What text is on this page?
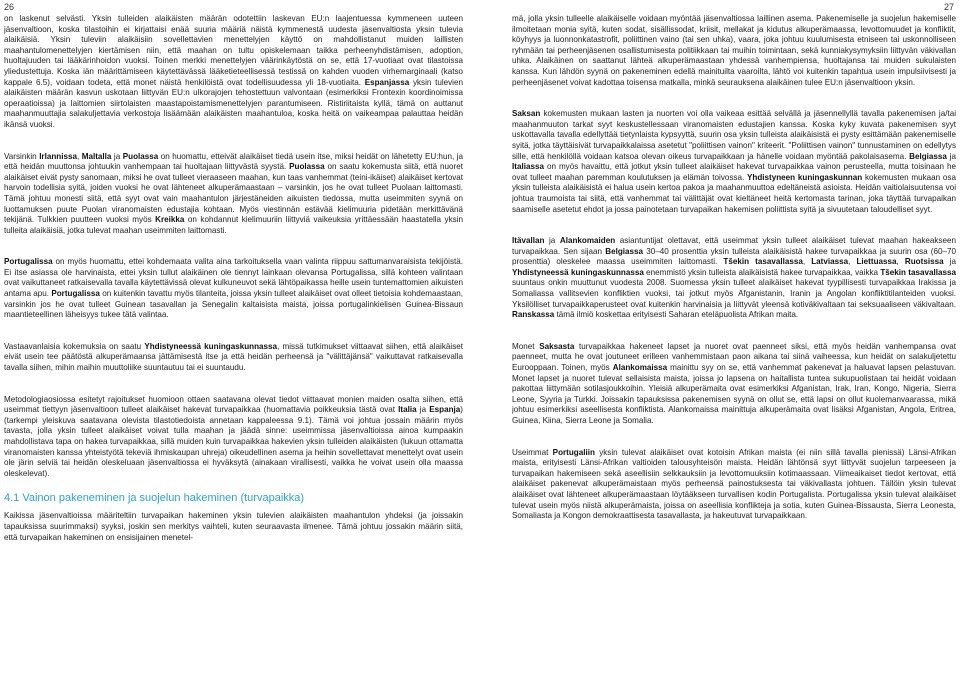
26	27

on laskenut selvästi. Yksin tulleiden alaikäisten määrän odotettiin laskevan EU:n laajentuessa kymmeneen uuteen jäsenvaltioon, koska tilastoihin ei kirjattaisi enää suuria määriä näistä kymmenestä uudesta jäsenvaltiosta yksin tulevia alaikäisiä. Yksin tuleviin alaikäisiin sovellettavien menettelyjen käyttö on mahdollistanut muiden laillisten maahantulomenettelyjen kiertämisen niin, että maahan on tultu opiskelemaan taikka perheenyhdistämisen, adoption, huoltajuuden tai lääkärinhoidon vuoksi. Toinen merkki menettelyjen väärinkäytöstä on se, että 17-vuotiaat ovat tilastoissa yliedustettuja. Koska iän määrittämiseen käytettävässä lääketieteellisessä testissä on kahden vuoden virhemarginaali (katso kappale 6.5), voidaan todeta, että monet näistä henkilöistä ovat todellisuudessa yli 18-vuotiaita. Espanjassa yksin tulevien alaikäisten määrän kasvun uskotaan liittyvän EU:n ulkorajojen tehostettuun valvontaan (esimerkiksi Frontexin koordinoimissa operaatioissa) ja laittomien siirtolaisten maastapoistamismenettelyjen parantumiseen. Ristiriitaista kyllä, tämä on auttanut maahanmuuttajia salakuljettavia verkostoja lisäämään alaikäisten maahantuloa, koska heitä on vaikeampaa palauttaa heidän ikänsä vuoksi.

Varsinkin Irlannissa, Maltalla ja Puolassa on huomattu, etteivät alaikäiset tiedä usein itse, miksi heidät on lähetetty EU:hun, ja että heidän muuttonsa johtuukin vanhempaan tai huoltajaan liittyvästä syystä. Puolassa on saatu kokemusta siitä, että nuoret alaikäiset eivät pysty sanomaan, miksi he ovat tulleet vieraaseen maahan, kun taas vanhemmat (teini-ikäiset) alaikäiset kertovat harvoin todellisia syitä, joiden vuoksi he ovat lähteneet alkuperämaastaan – varsinkin, jos he ovat tulleet Puolaan laittomasti. Tämä johtuu monesti siitä, että syyt ovat vain maahantulon järjestäneiden aikuisten tiedossa, mutta useimmiten syynä on luottamuksen puute Puolan viranomaisten edustajia kohtaan. Myös viestinnän estävää kielimuuria pidetään merkittävänä tekijänä. Tulkkien puutteen vuoksi myös Kreikka on kohdannut kielimuuriin liittyviä vaikeuksia yrittäessään haastatella yksin tulleita alaikäisiä, jotka tulevat maahan useimmiten laittomasti.

Portugalissa on myös huomattu, ettei kohdemaata valita aina tarkoituksella vaan valinta riippuu sattumanvaraisista tekijöistä. Ei itse asiassa ole harvinaista, ettei yksin tullut alaikäinen ole tiennyt lainkaan olevansa Portugalissa, sillä kohteen valintaan ovat vaikuttaneet ratkaisevalla tavalla käytettävissä olevat kulkuneuvot sekä lähtöpaikassa heille usein tuntemattomien aikuisten antama apu. Portugalissa on kuitenkin tavattu myös tilanteita, joissa yksin tulleet alaikäiset ovat olleet tietoisia kohdemaastaan, varsinkin jos he ovat tulleet Guinean tasavallan ja Senegalin kaltaisista maista, joissa portugalinkielisen Guinea-Bissaun maantieteellinen läheisyys tukee tätä valintaa.

Vastaavanlaisia kokemuksia on saatu Yhdistyneessä kuningaskunnassa, missä tutkimukset viittaavat siihen, että alaikäiset eivät usein tee päätöstä alkuperämaansa jättämisestä itse ja että heidän perheensä ja "välittäjänsä" vaikuttavat ratkaisevalla tavalla siihen, mihin maihin muuttoliike suuntautuu tai ei suuntaudu.

Metodologiaosiossa esitetyt rajoitukset huomioon ottaen saatavana olevat tiedot viittaavat monien maiden osalta siihen, että useimmat tiettyyn jäsenvaltioon tulleet alaikäiset hakevat turvapaikkaa (huomattavia poikkeuksia tästä ovat Italia ja Espanja) (tarkempi yleiskuva saatavana olevista tilastotiedoista annetaan kappaleessa 9.1). Tämä voi johtua jossain määrin myös tavasta, jolla yksin tulleet alaikäiset voivat tulla maahan ja jäädä sinne: useimmissa jäsenvaltioissa ainoa kumpaakin mahdollistava tapa on hakea turvapaikkaa, sillä muiden kuin turvapaikkaa hakevien yksin tulleiden alaikäisten (lukuun ottamatta viranomaisten kanssa yhteistyötä tekeviä ihmiskaupan uhreja) oikeudellinen asema ja heihin sovellettavat menettelyt ovat usein ole järin selviä tai heidän oleskeluaan jäsenvaltiossa ei hyväksytä (ainakaan virallisesti, vaikka he voivat usein olla maassa oleskelevat).

4.1 Vainon pakeneminen ja suojelun hakeminen (turvapaikka)

Kaikissa jäsenvaltioissa määriteltiin turvapaikan hakeminen yksin tulevien alaikäisten maahantulon yhdeksi (ja joissakin tapauksissa suurimmaksi) syyksi, joskin sen merkitys vaihteli, kuten seuraavasta ilmenee. Tämä johtuu jossakin määrin siitä, että turvapaikan hakeminen on ensisijainen menetel-

mä, jolla yksin tulleelle alaikäiselle voidaan myöntää jäsenvaltiossa laillinen asema. Pakenemiselle ja suojelun hakemiselle ilmoitetaan monia syitä, kuten sodat, sisällissodat, kriisit, mellakat ja kidutus alkuperämaassa, levottomuudet ja konfliktit, köyhyys ja luonnonkatastrofit, poliittinen vaino (tai sen uhka), vaara, joka johtuu kuulumisesta etniseen tai uskonnolliseen ryhmään tai perheenjäsenen osallistumisesta politiikkaan tai muihin toimintaan, sekä kunniakysymyksiin liittyvän väkivallan uhka. Alaikäinen on saattanut lähteä alkuperämaastaan yhdessä vanhempiensa, huoltajansa tai muiden sukulaisten kanssa. Kun lähdön syynä on pakeneminen edellä mainituilta vaaroilta, lähtö voi kuitenkin tapahtua usein impulsiivisesti ja perheenjäsenet voivat kadottaa toisensa matkalla, minkä seurauksena alaikäinen tulee EU:n jäsenvaltioon yksin.

Saksan kokemusten mukaan lasten ja nuorten voi olla vaikeaa esittää selvällä ja jäsennellyllä tavalla pakenemisen ja/tai maahanmuuton tarkat syyt keskustellessaan viranomaisten edustajien kanssa. Koska kyky kuvata pakenemisen syyt uskottavalla tavalla edellyttää tietynlaista kypsyyttä, suurin osa yksin tulleista alaikäisistä ei pysty esittämään pakenemiselle syitä, jotka täyttäisivät turvapaikkalaissa asetetut "poliittisen vainon" kriteerit. "Poliittisen vainon" tunnustaminen on edellytys sille, että henkilöllä voidaan katsoa olevan oikeus turvapaikkaan ja hänelle voidaan myöntää pakolaisasema. Belgiassa ja Italiassa on myös havaittu, että jotkut yksin tulleet alaikäiset hakevat turvapaikkaa vainon perusteella, mutta toisinaan he ovat tulleet maahan paremman koulutuksen ja elämän toivossa. Yhdistyneen kuningaskunnan kokemusten mukaan osa yksin tulleista alaikäisistä ei halua usein kertoa pakoa ja maahanmuuttoa edeltäneistä asioista. Heidän vaitiolaisuutensa voi johtua traumoista tai siitä, että vanhemmat tai välittäjät ovat kieltäneet heitä kertomasta tarinan, joka täyttää turvapaikan saamiselle asetetut ehdot ja jossa painotetaan turvapaikan hakemisen poliittista syitä ja sivuutetaan taloudelliset syyt.

Itävallan ja Alankomaiden asiantuntijat olettavat, että useimmat yksin tulleet alaikäiset tulevat maahan hakeakseen turvapaikkaa. Sen sijaan Belgiassa 30–40 prosenttia yksin tulleista alaikäisistä hakee turvapaikkaa ja suurin osa (60–70 prosenttia) oleskelee maassa useimmiten laittomasti. Tšekin tasavallassa, Latviassa, Liettuassa, Ruotsissa ja Yhdistyneessä kuningaskunnassa enemmistö yksin tulleista alaikäisistä hakee turvapaikkaa, vaikka Tšekin tasavallassa suuntaus onkin muuttunut vuodesta 2008. Suomessa yksin tulleet alaikäiset hakevat tyypillisesti turvapaikkaa Irakissa ja Somaliassa vallitsevien konfliktien vuoksi, tai jotkut myös Afganistanin, Iranin ja Angolan konfliktitilanteiden vuoksi. Yksilölliset turvapaikkaperusteet ovat kuitenkin harvinaisia ja liittyvät yleensä kotiväkivaltaan tai seksuaaliseen väkivaltaan. Ranskassa tämä ilmiö koskettaa erityisesti Saharan eteläpuolista Afrikan maita.

Monet Saksasta turvapaikkaa hakeneet lapset ja nuoret ovat paenneet siksi, että myös heidän vanhempansa ovat paenneet, mutta he ovat joutuneet erilleen vanhemmistaan paon aikana tai siinä vaiheessa, kun heidät on salakuljetettu Eurooppaan. Toinen, myös Alankomaissa mainittu syy on se, että vanhemmat pakenevat ja haluavat lapsen pelastuvan. Monet lapset ja nuoret tulevat sellaisista maista, joissa jo lapsena on haitallista tuntea sukupuolistaan tai heidät voidaan pakottaa liittymään sotilasjoukkoihin. Yleisiä alkuperämaita ovat esimerkiksi Afganistan, Irak, Iran, Kongo, Nigeria, Sierra Leone, Syyria ja Turkki. Joissakin tapauksissa pakenemisen syynä on ollut se, että lapsi on ollut kuolemanvaarassa, mikä johtuu esimerkiksi aseellisesta konfliktista. Alankomaissa mainittuja alkuperämaita ovat lisäksi Afganistan, Angola, Eritrea, Guinea, Kiina, Sierra Leone ja Somalia.

Useimmat Portugaliin yksin tulevat alaikäiset ovat kotoisin Afrikan maista (ei niin sillä tavalla pienissä) Länsi-Afrikan maista, erityisesti Länsi-Afrikan valtioiden talousyhteisön maista. Heidän lähtönsä syyt liittyvät suojelun tarpeeseen ja turvapaikan hakemiseen sekä aseellisiin selkkauksiin ja levottomuuksiin kotimaassaan. Viimeaikaiset tiedot kertovat, että alaikäiset pakenevat alkuperämaistaan myös perheensä painostuksesta tai väkivallasta johtuen. Tällöin yksin tulevat alaikäiset ovat lähteneet alkuperämaastaan löytääkseen turvallisen kodin Portugalista. Portugalissa yksin tulevat alaikäiset tulevat usein myös niistä alkuperämaista, joissa on aseellisia konflikteja ja sotia, kuten Guinea-Bissausta, Sierra Leonesta, Somaliasta ja Kongon demokraattisesta tasavallasta, ja hakeutuvat turvapaikkaan.
